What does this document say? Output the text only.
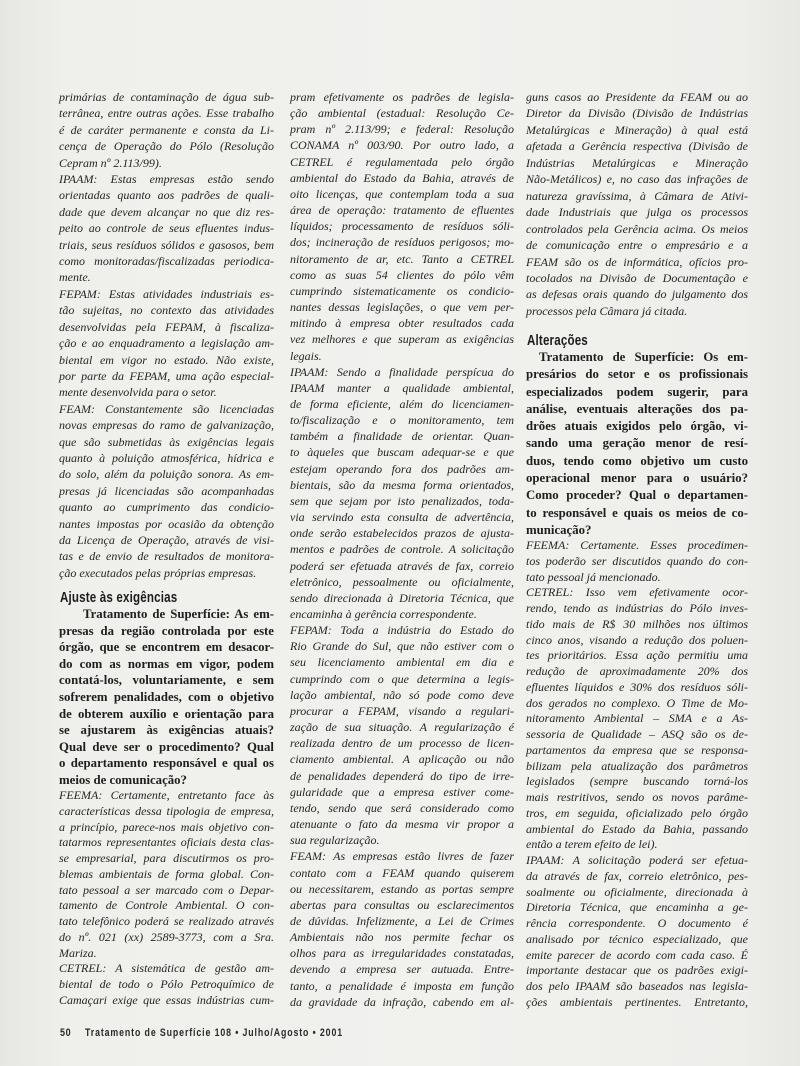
primárias de contaminação de água sub-
terrânea, entre outras ações. Esse trabalho
é de caráter permanente e consta da Li-
cença de Operação do Pólo (Resolução
Cepram nº 2.113/99).
IPAAM: Estas empresas estão sendo
orientadas quanto aos padrões de quali-
dade que devem alcançar no que diz res-
peito ao controle de seus efluentes indus-
triais, seus resíduos sólidos e gasosos, bem
como monitoradas/fiscalizadas periodica-
mente.
FEPAM: Estas atividades industriais es-
tão sujeitas, no contexto das atividades
desenvolvidas pela FEPAM, à fiscaliza-
ção e ao enquadramento a legislação am-
biental em vigor no estado. Não existe,
por parte da FEPAM, uma ação especial-
mente desenvolvida para o setor.
FEAM: Constantemente são licenciadas
novas empresas do ramo de galvanização,
que são submetidas às exigências legais
quanto à poluição atmosférica, hídrica e
do solo, além da poluição sonora. As em-
presas já licenciadas são acompanhadas
quanto ao cumprimento das condicio-
nantes impostas por ocasião da obtenção
da Licença de Operação, através de visi-
tas e de envio de resultados de monitora-
ção executados pelas próprias empresas.
Ajuste às exigências
Tratamento de Superfície: As em-
presas da região controlada por este
órgão, que se encontrem em desacor-
do com as normas em vigor, podem
contatá-los, voluntariamente, e sem
sofrerem penalidades, com o objetivo
de obterem auxílio e orientação para
se ajustarem às exigências atuais?
Qual deve ser o procedimento? Qual
o departamento responsável e qual os
meios de comunicação?
FEEMA: Certamente, entretanto face às
características dessa tipologia de empresa,
a princípio, parece-nos mais objetivo con-
tatarmos representantes oficiais desta clas-
se empresarial, para discutirmos os pro-
blemas ambientais de forma global. Con-
tato pessoal a ser marcado com o Depar-
tamento de Controle Ambiental. O con-
tato telefônico poderá se realizado através
do nº. 021 (xx) 2589-3773, com a Sra.
Mariza.
CETREL: A sistemática de gestão am-
biental de todo o Pólo Petroquímico de
Camaçari exige que essas indústrias cum-
pram efetivamente os padrões de legisla-
ção ambiental (estadual: Resolução Ce-
pram nº 2.113/99; e federal: Resolução
CONAMA nº 003/90. Por outro lado, a
CETREL é regulamentada pelo órgão
ambiental do Estado da Bahia, através de
oito licenças, que contemplam toda a sua
área de operação: tratamento de efluentes
líquidos; processamento de resíduos sóli-
dos; incineração de resíduos perigosos; mo-
nitoramento de ar, etc. Tanto a CETREL
como as suas 54 clientes do pólo vêm
cumprindo sistematicamente os condicio-
nantes dessas legislações, o que vem per-
mitindo à empresa obter resultados cada
vez melhores e que superam as exigências
legais.
IPAAM: Sendo a finalidade perspícua do
IPAAM manter a qualidade ambiental,
de forma eficiente, além do licenciamen-
to/fiscalização e o monitoramento, tem
também a finalidade de orientar. Quan-
to àqueles que buscam adequar-se e que
estejam operando fora dos padrões am-
bientais, são da mesma forma orientados,
sem que sejam por isto penalizados, toda-
via servindo esta consulta de advertência,
onde serão estabelecidos prazos de ajusta-
mentos e padrões de controle. A solicitação
poderá ser efetuada através de fax, correio
eletrônico, pessoalmente ou oficialmente,
sendo direcionada à Diretoria Técnica, que
encaminha à gerência correspondente.
FEPAM: Toda a indústria do Estado do
Rio Grande do Sul, que não estiver com o
seu licenciamento ambiental em dia e
cumprindo com o que determina a legis-
lação ambiental, não só pode como deve
procurar a FEPAM, visando a regulari-
zação de sua situação. A regularização é
realizada dentro de um processo de licen-
ciamento ambiental. A aplicação ou não
de penalidades dependerá do tipo de irre-
gularidade que a empresa estiver come-
tendo, sendo que será considerado como
atenuante o fato da mesma vir propor a
sua regularização.
FEAM: As empresas estão livres de fazer
contato com a FEAM quando quiserem
ou necessitarem, estando as portas sempre
abertas para consultas ou esclarecimentos
de dúvidas. Infelizmente, a Lei de Crimes
Ambientais não nos permite fechar os
olhos para as irregularidades constatadas,
devendo a empresa ser autuada. Entre-
tanto, a penalidade é imposta em função
da gravidade da infração, cabendo em al-
guns casos ao Presidente da FEAM ou ao
Diretor da Divisão (Divisão de Indústrias
Metalúrgicas e Mineração) à qual está
afetada a Gerência respectiva (Divisão de
Indústrias Metalúrgicas e Mineração
Não-Metálicos) e, no caso das infrações de
natureza gravíssima, à Câmara de Ativi-
dade Industriais que julga os processos
controlados pela Gerência acima. Os meios
de comunicação entre o empresário e a
FEAM são os de informática, ofícios pro-
tocolados na Divisão de Documentação e
as defesas orais quando do julgamento dos
processos pela Câmara já citada.
Alterações
Tratamento de Superfície: Os em-
presários do setor e os profissionais
especializados podem sugerir, para
análise, eventuais alterações dos pa-
drões atuais exigidos pelo órgão, vi-
sando uma geração menor de resí-
duos, tendo como objetivo um custo
operacional menor para o usuário?
Como proceder? Qual o departamen-
to responsável e quais os meios de co-
municação?
FEEMA: Certamente. Esses procedimen-
tos poderão ser discutidos quando do con-
tato pessoal já mencionado.
CETREL: Isso vem efetivamente ocor-
rendo, tendo as indústrias do Pólo inves-
tido mais de R$ 30 milhões nos últimos
cinco anos, visando a redução dos poluen-
tes prioritários. Essa ação permitiu uma
redução de aproximadamente 20% dos
efluentes líquidos e 30% dos resíduos sóli-
dos gerados no complexo. O Time de Mo-
nitoramento Ambiental – SMA e a As-
sessoria de Qualidade – ASQ são os de-
partamentos da empresa que se responsa-
bilizam pela atualização dos parâmetros
legislados (sempre buscando torná-los
mais restritivos, sendo os novos parâme-
tros, em seguida, oficializado pelo órgão
ambiental do Estado da Bahia, passando
então a terem efeito de lei).
IPAAM: A solicitação poderá ser efetua-
da através de fax, correio eletrônico, pes-
soalmente ou oficialmente, direcionada à
Diretoria Técnica, que encaminha a ge-
rência correspondente. O documento é
analisado por técnico especializado, que
emite parecer de acordo com cada caso. É
importante destacar que os padrões exigi-
dos pelo IPAAM são baseados nas legisla-
ções ambientais pertinentes. Entretanto,
50 Tratamento de Superfície 108 • Julho/Agosto • 2001
